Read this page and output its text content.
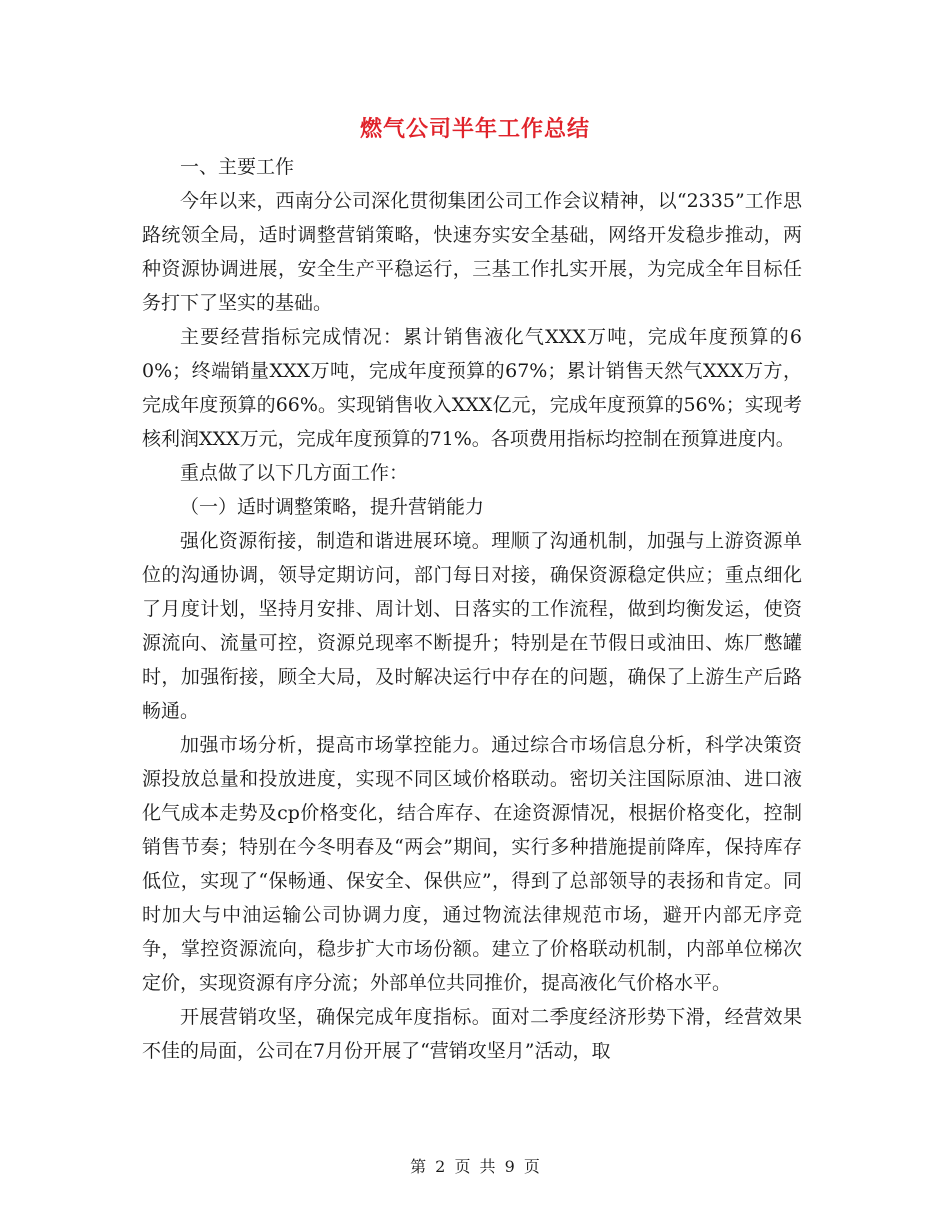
燃气公司半年工作总结

一、主要工作

今年以来，西南分公司深化贯彻集团公司工作会议精神，以“2335”工作思路统领全局，适时调整营销策略，快速夯实安全基础，网络开发稳步推动，两种资源协调进展，安全生产平稳运行，三基工作扎实开展，为完成全年目标任务打下了坚实的基础。

主要经营指标完成情况：累计销售液化气XXX万吨，完成年度预算的60%；终端销量XXX万吨，完成年度预算的67%；累计销售天然气XXX万方，完成年度预算的66%。实现销售收入XXX亿元，完成年度预算的56%；实现考核利润XXX万元，完成年度预算的71%。各项费用指标均控制在预算进度内。

重点做了以下几方面工作：

（一）适时调整策略，提升营销能力

强化资源衔接，制造和谐进展环境。理顺了沟通机制，加强与上游资源单位的沟通协调，领导定期访问，部门每日对接，确保资源稳定供应；重点细化了月度计划，坚持月安排、周计划、日落实的工作流程，做到均衡发运，使资源流向、流量可控，资源兑现率不断提升；特别是在节假日或油田、炼厂憋罐时，加强衔接，顾全大局，及时解决运行中存在的问题，确保了上游生产后路畅通。

加强市场分析，提高市场掌控能力。通过综合市场信息分析，科学决策资源投放总量和投放进度，实现不同区域价格联动。密切关注国际原油、进口液化气成本走势及cp价格变化，结合库存、在途资源情况，根据价格变化，控制销售节奏；特别在今冬明春及“两会”期间，实行多种措施提前降库，保持库存低位，实现了“保畅通、保安全、保供应”，得到了总部领导的表扬和肯定。同时加大与中油运输公司协调力度，通过物流法律规范市场，避开内部无序竞争，掌控资源流向，稳步扩大市场份额。建立了价格联动机制，内部单位梯次定价，实现资源有序分流；外部单位共同推价，提高液化气价格水平。

开展营销攻坚，确保完成年度指标。面对二季度经济形势下滑，经营效果不佳的局面，公司在7月份开展了“营销攻坚月”活动，取

第 2 页 共 9 页
